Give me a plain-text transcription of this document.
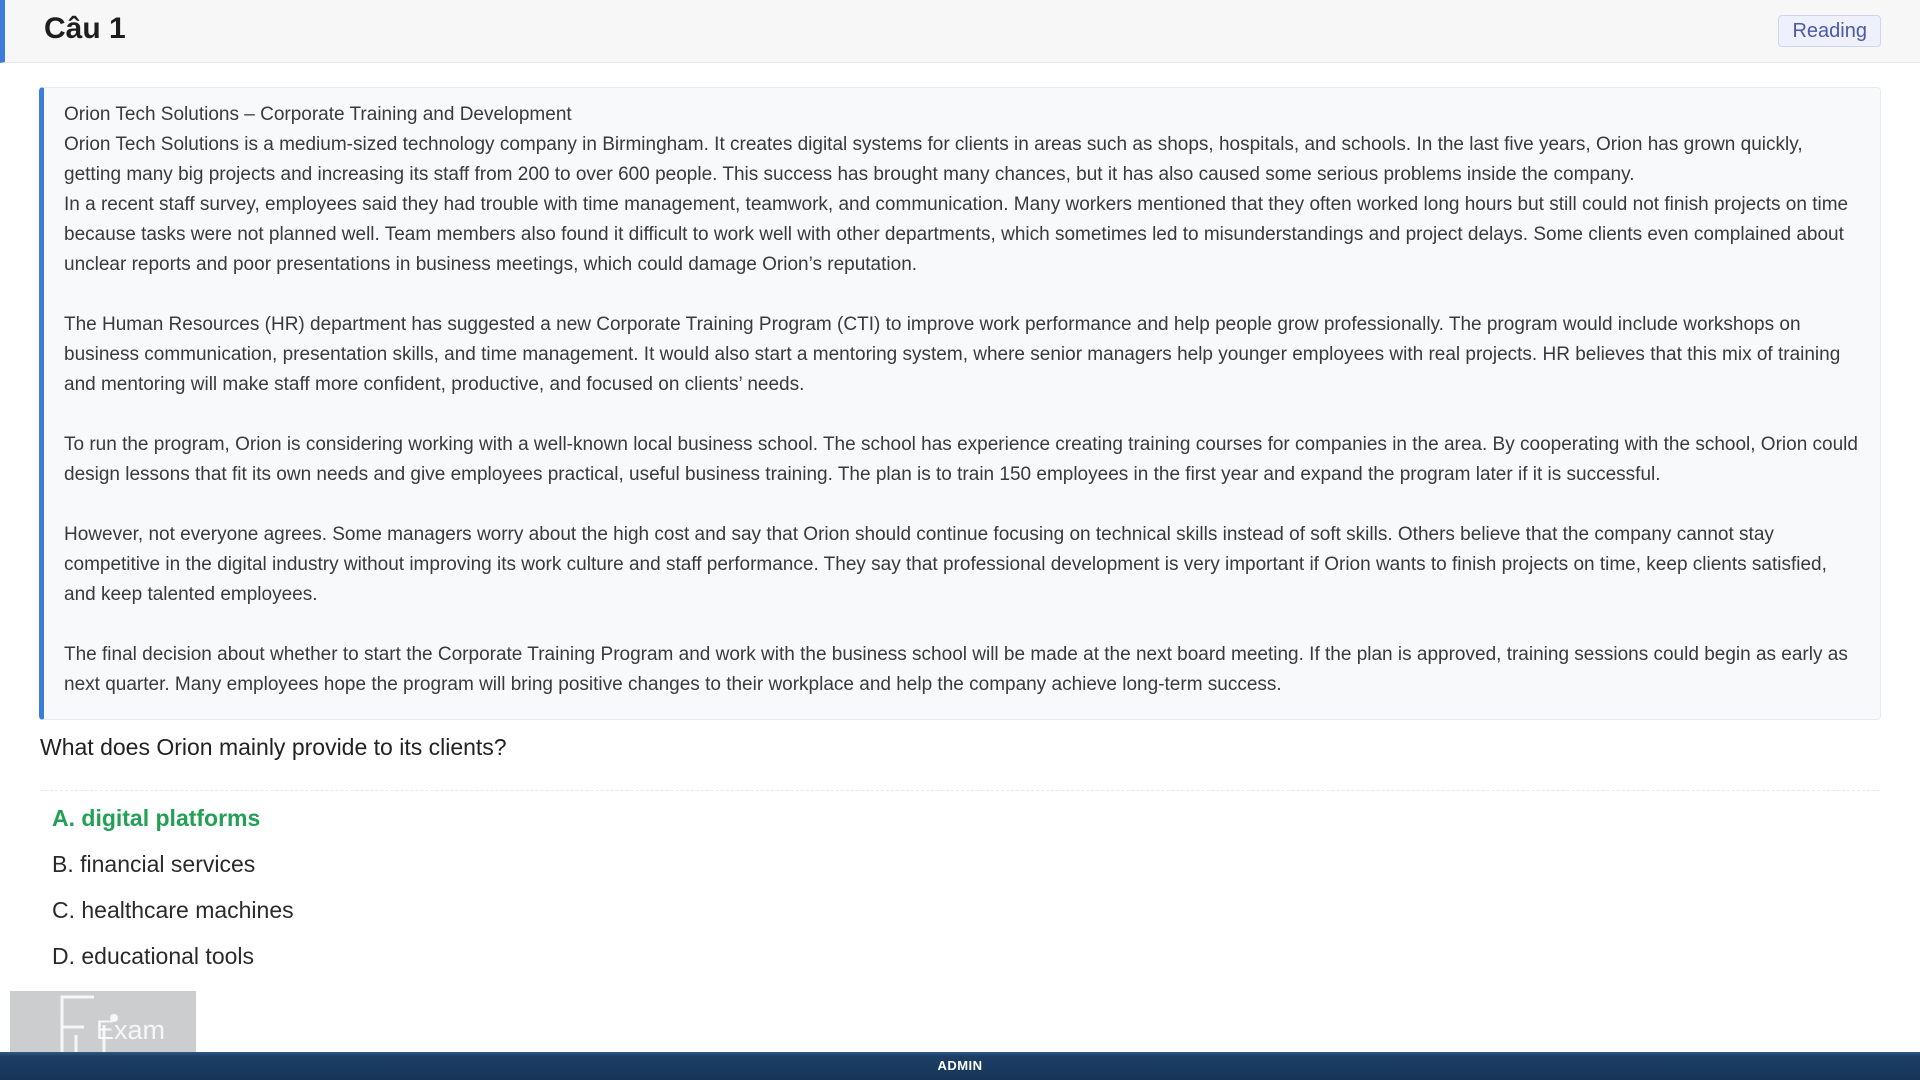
Câu 1	Reading

Orion Tech Solutions – Corporate Training and Development

Orion Tech Solutions is a medium-sized technology company in Birmingham. It creates digital systems for clients in areas such as shops, hospitals, and schools. In the last five years, Orion has grown quickly, getting many big projects and increasing its staff from 200 to over 600 people. This success has brought many chances, but it has also caused some serious problems inside the company.

In a recent staff survey, employees said they had trouble with time management, teamwork, and communication. Many workers mentioned that they often worked long hours but still could not finish projects on time because tasks were not planned well. Team members also found it difficult to work well with other departments, which sometimes led to misunderstandings and project delays. Some clients even complained about unclear reports and poor presentations in business meetings, which could damage Orion’s reputation.

The Human Resources (HR) department has suggested a new Corporate Training Program (CTI) to improve work performance and help people grow professionally. The program would include workshops on business communication, presentation skills, and time management. It would also start a mentoring system, where senior managers help younger employees with real projects. HR believes that this mix of training and mentoring will make staff more confident, productive, and focused on clients’ needs.

To run the program, Orion is considering working with a well-known local business school. The school has experience creating training courses for companies in the area. By cooperating with the school, Orion could design lessons that fit its own needs and give employees practical, useful business training. The plan is to train 150 employees in the first year and expand the program later if it is successful.

However, not everyone agrees. Some managers worry about the high cost and say that Orion should continue focusing on technical skills instead of soft skills. Others believe that the company cannot stay competitive in the digital industry without improving its work culture and staff performance. They say that professional development is very important if Orion wants to finish projects on time, keep clients satisfied, and keep talented employees.

The final decision about whether to start the Corporate Training Program and work with the business school will be made at the next board meeting. If the plan is approved, training sessions could begin as early as next quarter. Many employees hope the program will bring positive changes to their workplace and help the company achieve long-term success.

What does Orion mainly provide to its clients?
A. digital platforms
B. financial services
C. healthcare machines
D. educational tools
Exam
ADMIN
